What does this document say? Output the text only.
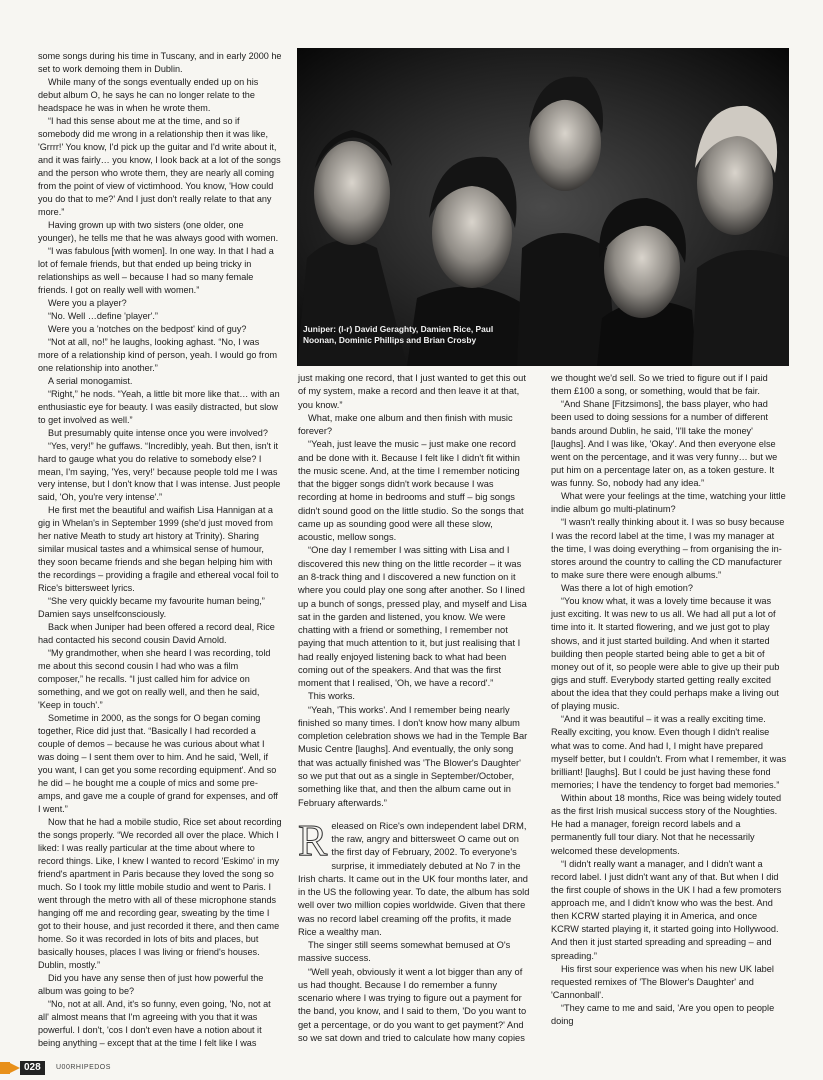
some songs during his time in Tuscany, and in early 2000 he set to work demoing them in Dublin.

While many of the songs eventually ended up on his debut album O, he says he can no longer relate to the headspace he was in when he wrote them.

“I had this sense about me at the time, and so if somebody did me wrong in a relationship then it was like, 'Grrrr!' You know, I'd pick up the guitar and I'd write about it, and it was fairly… you know, I look back at a lot of the songs and the person who wrote them, they are nearly all coming from the point of view of victimhood. You know, 'How could you do that to me?' And I just don't really relate to that any more.”

Having grown up with two sisters (one older, one younger), he tells me that he was always good with women.

“I was fabulous [with women]. In one way. In that I had a lot of female friends, but that ended up being tricky in relationships as well – because I had so many female friends. I got on really well with women.”

Were you a player?

“No. Well …define 'player'.”

Were you a 'notches on the bedpost' kind of guy?

“Not at all, no!” he laughs, looking aghast. “No, I was more of a relationship kind of person, yeah. I would go from one relationship into another.”

A serial monogamist.

“Right,” he nods. “Yeah, a little bit more like that… with an enthusiastic eye for beauty. I was easily distracted, but slow to get involved as well.”

But presumably quite intense once you were involved?

“Yes, very!” he guffaws. “Incredibly, yeah. But then, isn't it hard to gauge what you do relative to somebody else? I mean, I'm saying, 'Yes, very!' because people told me I was very intense, but I don't know that I was intense. Just people said, 'Oh, you're very intense'.”

He first met the beautiful and waifish Lisa Hannigan at a gig in Whelan's in September 1999 (she'd just moved from her native Meath to study art history at Trinity). Sharing similar musical tastes and a whimsical sense of humour, they soon became friends and she began helping him with the recordings – providing a fragile and ethereal vocal foil to Rice's bittersweet lyrics.

“She very quickly became my favourite human being,” Damien says unselfconsciously.

Back when Juniper had been offered a record deal, Rice had contacted his second cousin David Arnold.

“My grandmother, when she heard I was recording, told me about this second cousin I had who was a film composer,” he recalls. “I just called him for advice on something, and we got on really well, and then he said, 'Keep in touch'.”

Sometime in 2000, as the songs for O began coming together, Rice did just that. “Basically I had recorded a couple of demos – because he was curious about what I was doing – I sent them over to him. And he said, 'Well, if you want, I can get you some recording equipment'. And so he did – he bought me a couple of mics and some pre-amps, and gave me a couple of grand for expenses, and off I went.”

Now that he had a mobile studio, Rice set about recording the songs properly. “We recorded all over the place. Which I liked: I was really particular at the time about where to record things. Like, I knew I wanted to record 'Eskimo' in my friend's apartment in Paris because they loved the song so much. So I took my little mobile studio and went to Paris. I went through the metro with all of these microphone stands hanging off me and recording gear, sweating by the time I got to their house, and just recorded it there, and then came home. So it was recorded in lots of bits and places, but basically houses, places I was living or friend's houses. Dublin, mostly.”

Did you have any sense then of just how powerful the album was going to be?

“No, not at all. And, it's so funny, even going, 'No, not at all' almost means that I'm agreeing with you that it was powerful. I don't, 'cos I don't even have a notion about it being anything – except that at the time I felt like I was

Juniper: (l-r) David Geraghty, Damien Rice, Paul Noonan, Dominic Phillips and Brian Crosby

just making one record, that I just wanted to get this out of my system, make a record and then leave it at that, you know.”

What, make one album and then finish with music forever?

“Yeah, just leave the music – just make one record and be done with it. Because I felt like I didn't fit within the music scene. And, at the time I remember noticing that the bigger songs didn't work because I was recording at home in bedrooms and stuff – big songs didn't sound good on the little studio. So the songs that came up as sounding good were all these slow, acoustic, mellow songs.

“One day I remember I was sitting with Lisa and I discovered this new thing on the little recorder – it was an 8-track thing and I discovered a new function on it where you could play one song after another. So I lined up a bunch of songs, pressed play, and myself and Lisa sat in the garden and listened, you know. We were chatting with a friend or something, I remember not paying that much attention to it, but just realising that I had really enjoyed listening back to what had been coming out of the speakers. And that was the first moment that I realised, 'Oh, we have a record'.”

This works.

“Yeah, 'This works'. And I remember being nearly finished so many times. I don't know how many album completion celebration shows we had in the Temple Bar Music Centre [laughs]. And eventually, the only song that was actually finished was 'The Blower's Daughter' so we put that out as a single in September/October, something like that, and then the album came out in February afterwards.”

Released on Rice's own independent label DRM, the raw, angry and bittersweet O came out on the first day of February, 2002. To everyone's surprise, it immediately debuted at No 7 in the Irish charts. It came out in the UK four months later, and in the US the following year. To date, the album has sold well over two million copies worldwide. Given that there was no record label creaming off the profits, it made Rice a wealthy man.

The singer still seems somewhat bemused at O's massive success.

“Well yeah, obviously it went a lot bigger than any of us had thought. Because I do remember a funny scenario where I was trying to figure out a payment for the band, you know, and I said to them, 'Do you want to get a percentage, or do you want to get payment?' And so we sat down and tried to calculate how many copies

we thought we'd sell. So we tried to figure out if I paid them £100 a song, or something, would that be fair.

“And Shane [Fitzsimons], the bass player, who had been used to doing sessions for a number of different bands around Dublin, he said, 'I'll take the money' [laughs]. And I was like, 'Okay'. And then everyone else went on the percentage, and it was very funny… but we put him on a percentage later on, as a token gesture. It was funny. So, nobody had any idea.”

What were your feelings at the time, watching your little indie album go multi-platinum?

“I wasn't really thinking about it. I was so busy because I was the record label at the time, I was my manager at the time, I was doing everything – from organising the in-stores around the country to calling the CD manufacturer to make sure there were enough albums.”

Was there a lot of high emotion?

“You know what, it was a lovely time because it was just exciting. It was new to us all. We had all put a lot of time into it. It started flowering, and we just got to play shows, and it just started building. And when it started building then people started being able to get a bit of money out of it, so people were able to give up their pub gigs and stuff. Everybody started getting really excited about the idea that they could perhaps make a living out of playing music.

“And it was beautiful – it was a really exciting time. Really exciting, you know. Even though I didn't realise what was to come. And had I, I might have prepared myself better, but I couldn't. From what I remember, it was brilliant! [laughs]. But I could be just having these fond memories; I have the tendency to forget bad memories.”

Within about 18 months, Rice was being widely touted as the first Irish musical success story of the Noughties. He had a manager, foreign record labels and a permanently full tour diary. Not that he necessarily welcomed these developments.

“I didn't really want a manager, and I didn't want a record label. I just didn't want any of that. But when I did the first couple of shows in the UK I had a few promoters approach me, and I didn't know who was the best. And then KCRW started playing it in America, and once KCRW started playing it, it started going into Hollywood. And then it just started spreading and spreading – and spreading.”

His first sour experience was when his new UK label requested remixes of 'The Blower's Daughter' and 'Cannonball'.

“They came to me and said, 'Are you open to people doing

028	U00RHIPEDOS
